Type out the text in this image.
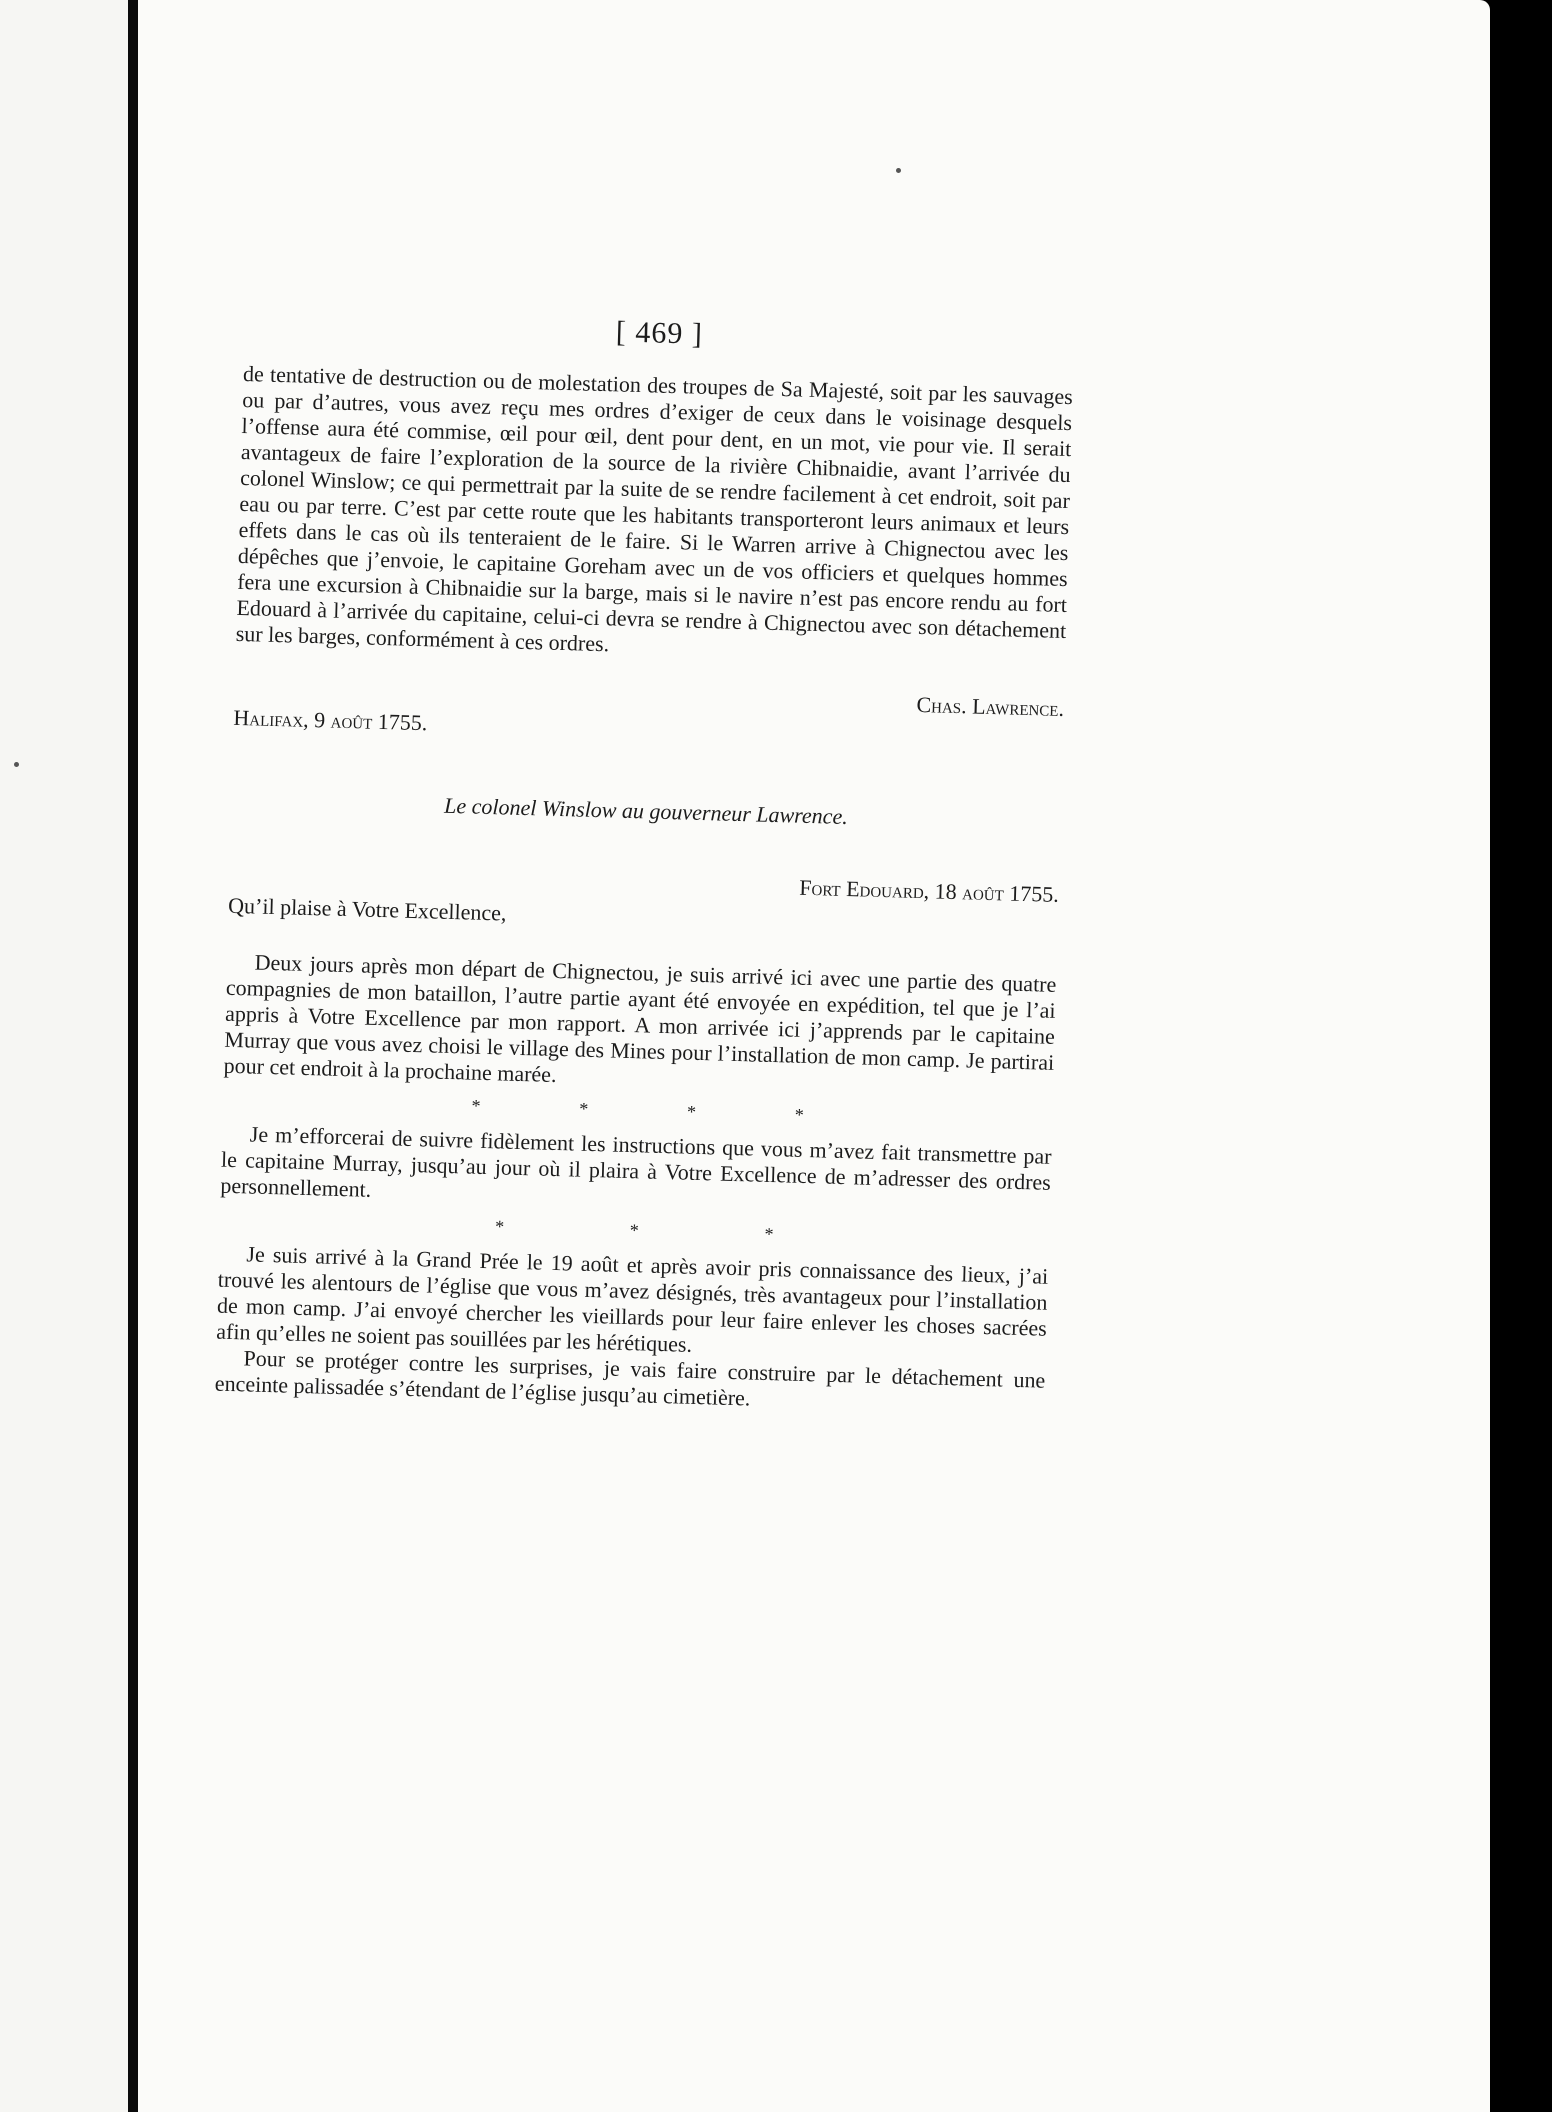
[ 469 ]

de tentative de destruction ou de molestation des troupes de Sa Majesté, soit par les sauvages ou par d’autres, vous avez reçu mes ordres d’exiger de ceux dans le voisinage desquels l’offense aura été commise, œil pour œil, dent pour dent, en un mot, vie pour vie. Il serait avantageux de faire l’exploration de la source de la rivière Chibnaidie, avant l’arrivée du colonel Winslow; ce qui permettrait par la suite de se rendre facilement à cet endroit, soit par eau ou par terre. C’est par cette route que les habitants transporteront leurs animaux et leurs effets dans le cas où ils tenteraient de le faire. Si le Warren arrive à Chignectou avec les dépêches que j’envoie, le capitaine Goreham avec un de vos officiers et quelques hommes fera une excursion à Chibnaidie sur la barge, mais si le navire n’est pas encore rendu au fort Edouard à l’arrivée du capitaine, celui-ci devra se rendre à Chignectou avec son détachement sur les barges, conformément à ces ordres.

Chas. Lawrence.
Halifax, 9 août 1755.
Le colonel Winslow au gouverneur Lawrence.
Fort Edouard, 18 août 1755.
Qu’il plaise à Votre Excellence,

Deux jours après mon départ de Chignectou, je suis arrivé ici avec une partie des quatre compagnies de mon bataillon, l’autre partie ayant été envoyée en expédition, tel que je l’ai appris à Votre Excellence par mon rapport. A mon arrivée ici j’apprends par le capitaine Murray que vous avez choisi le village des Mines pour l’installation de mon camp. Je partirai pour cet endroit à la prochaine marée.

*	*	*	*

Je m’efforcerai de suivre fidèlement les instructions que vous m’avez fait transmettre par le capitaine Murray, jusqu’au jour où il plaira à Votre Excellence de m’adresser des ordres personnellement.

*	*	*

Je suis arrivé à la Grand Prée le 19 août et après avoir pris connaissance des lieux, j’ai trouvé les alentours de l’église que vous m’avez désignés, très avantageux pour l’installation de mon camp. J’ai envoyé chercher les vieillards pour leur faire enlever les choses sacrées afin qu’elles ne soient pas souillées par les hérétiques.

Pour se protéger contre les surprises, je vais faire construire par le détachement une enceinte palissadée s’étendant de l’église jusqu’au cimetière.
